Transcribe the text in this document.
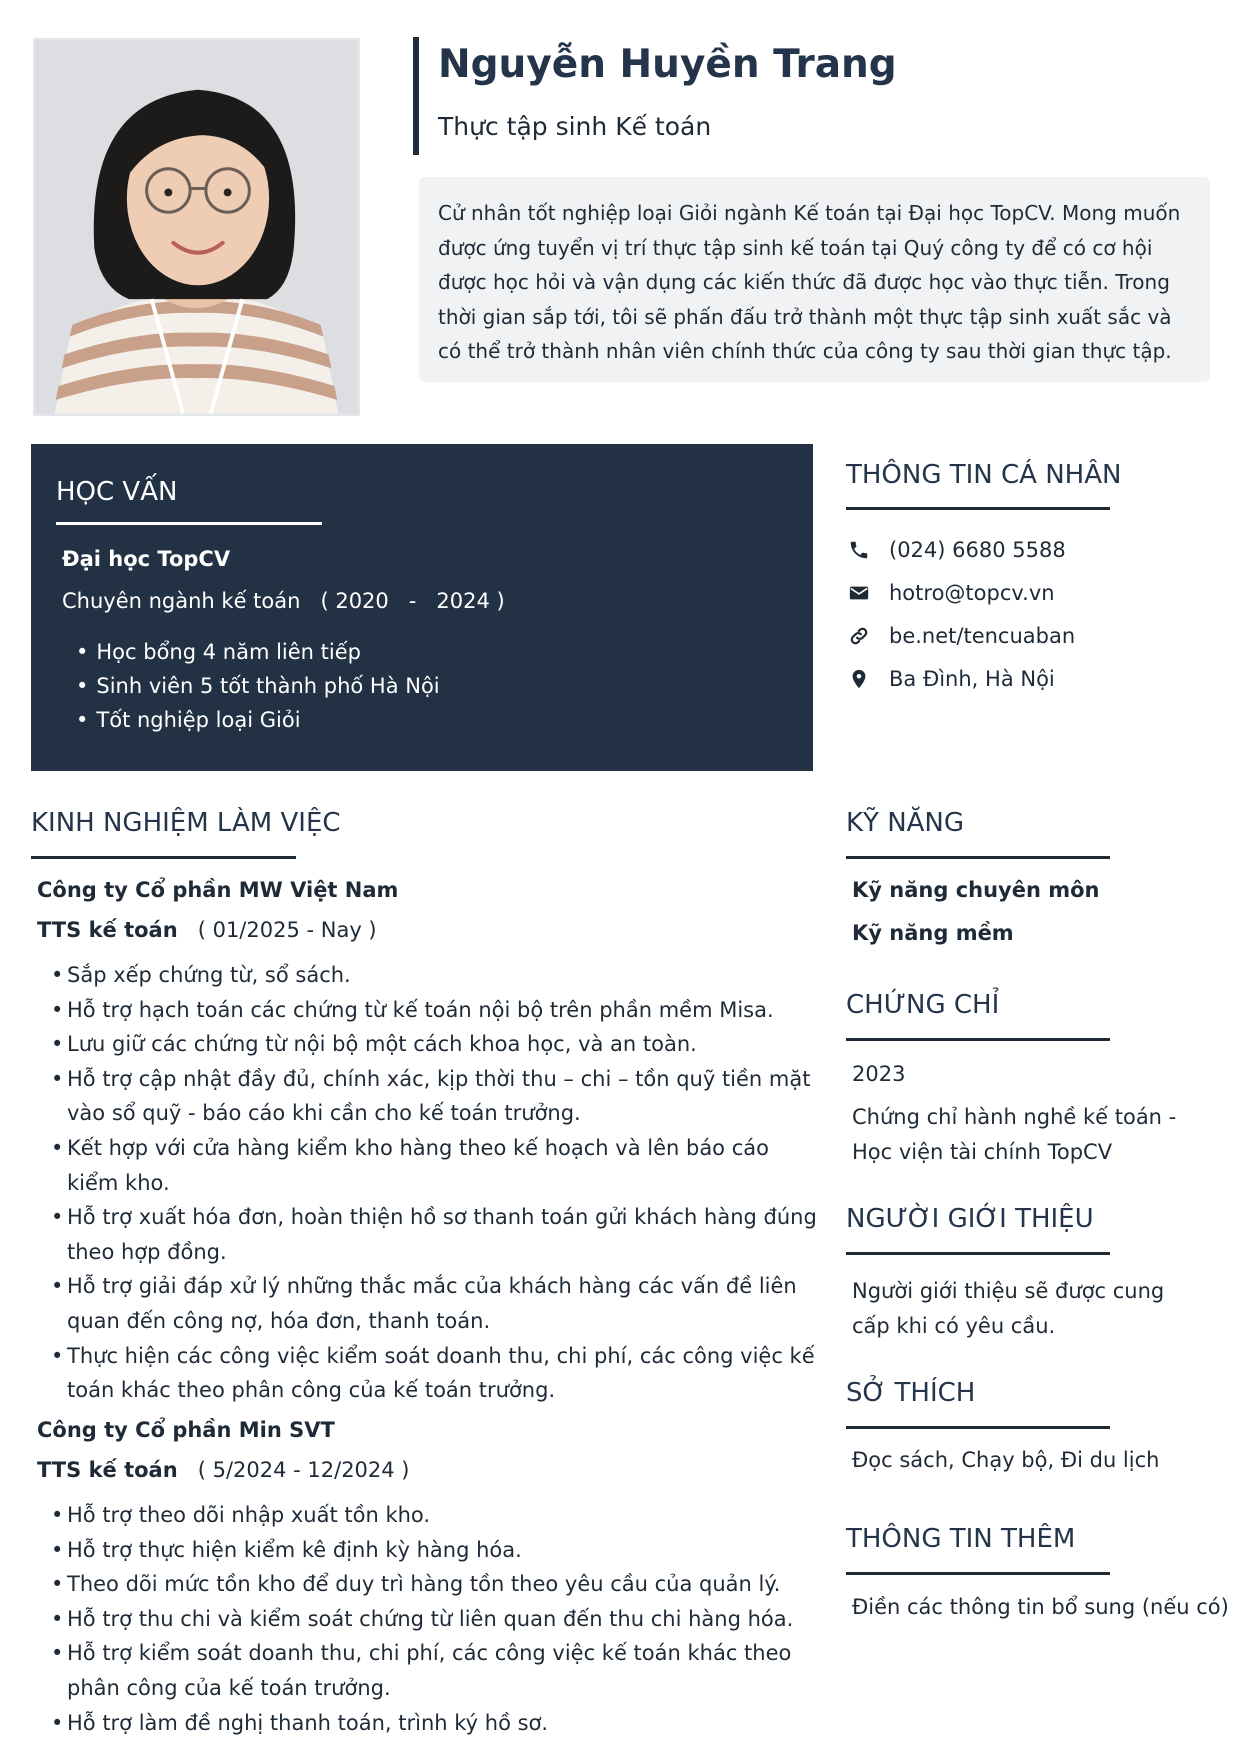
Nguyễn Huyền Trang
Thực tập sinh Kế toán
Cử nhân tốt nghiệp loại Giỏi ngành Kế toán tại Đại học TopCV. Mong muốn được ứng tuyển vị trí thực tập sinh kế toán tại Quý công ty để có cơ hội được học hỏi và vận dụng các kiến thức đã được học vào thực tiễn. Trong thời gian sắp tới, tôi sẽ phấn đấu trở thành một thực tập sinh xuất sắc và có thể trở thành nhân viên chính thức của công ty sau thời gian thực tập.
HỌC VẤN
Đại học TopCV
Chuyên ngành kế toán ( 2020   -   2024 )
• Học bổng 4 năm liên tiếp
• Sinh viên 5 tốt thành phố Hà Nội
• Tốt nghiệp loại Giỏi
THÔNG TIN CÁ NHÂN
(024) 6680 5588
hotro@topcv.vn
be.net/tencuaban
Ba Đình, Hà Nội
KINH NGHIỆM LÀM VIỆC
Công ty Cổ phần MW Việt Nam
TTS kế toán ( 01/2025 - Nay )
• Sắp xếp chứng từ, sổ sách.
• Hỗ trợ hạch toán các chứng từ kế toán nội bộ trên phần mềm Misa.
• Lưu giữ các chứng từ nội bộ một cách khoa học, và an toàn.
• Hỗ trợ cập nhật đầy đủ, chính xác, kịp thời thu – chi – tồn quỹ tiền mặt vào sổ quỹ - báo cáo khi cần cho kế toán trưởng.
• Kết hợp với cửa hàng kiểm kho hàng theo kế hoạch và lên báo cáo kiểm kho.
• Hỗ trợ xuất hóa đơn, hoàn thiện hồ sơ thanh toán gửi khách hàng đúng theo hợp đồng.
• Hỗ trợ giải đáp xử lý những thắc mắc của khách hàng các vấn đề liên quan đến công nợ, hóa đơn, thanh toán.
• Thực hiện các công việc kiểm soát doanh thu, chi phí, các công việc kế toán khác theo phân công của kế toán trưởng.
Công ty Cổ phần Min SVT
TTS kế toán ( 5/2024 - 12/2024 )
• Hỗ trợ theo dõi nhập xuất tồn kho.
• Hỗ trợ thực hiện kiểm kê định kỳ hàng hóa.
• Theo dõi mức tồn kho để duy trì hàng tồn theo yêu cầu của quản lý.
• Hỗ trợ thu chi và kiểm soát chứng từ liên quan đến thu chi hàng hóa.
• Hỗ trợ kiểm soát doanh thu, chi phí, các công việc kế toán khác theo phân công của kế toán trưởng.
• Hỗ trợ làm đề nghị thanh toán, trình ký hồ sơ.
KỸ NĂNG
Kỹ năng chuyên môn
Kỹ năng mềm
CHỨNG CHỈ
2023
Chứng chỉ hành nghề kế toán - Học viện tài chính TopCV
NGƯỜI GIỚI THIỆU
Người giới thiệu sẽ được cung cấp khi có yêu cầu.
SỞ THÍCH
Đọc sách, Chạy bộ, Đi du lịch
THÔNG TIN THÊM
Điền các thông tin bổ sung (nếu có)
